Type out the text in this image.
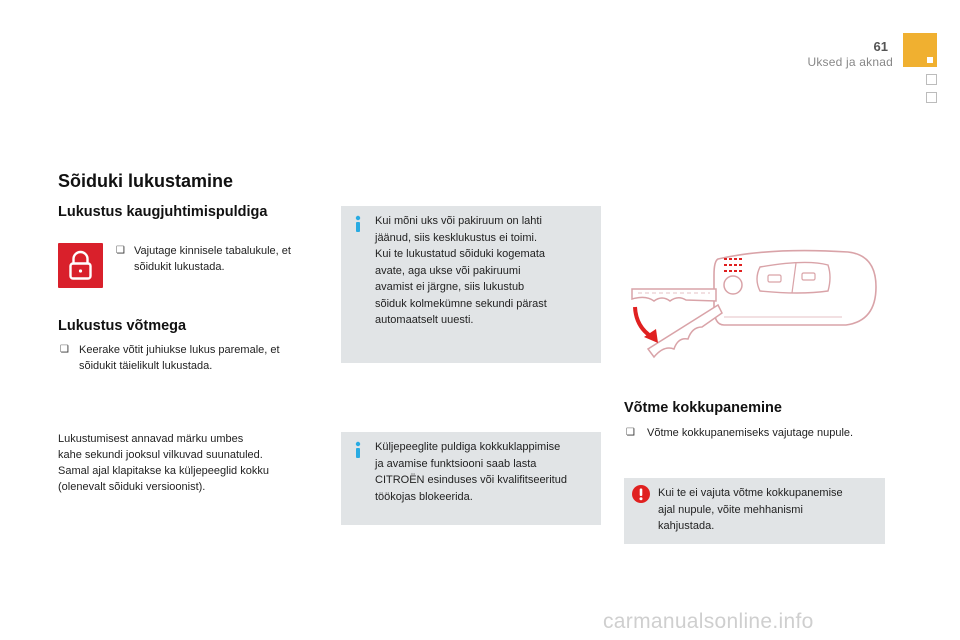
61
Uksed ja aknad
Sõiduki lukustamine
Lukustus kaugjuhtimispuldiga
❏ Vajutage kinnisele tabalukule, et
sõidukit lukustada.
Lukustus võtmega
❏ Keerake võtit juhiukse lukus paremale, et
sõidukit täielikult lukustada.
Lukustumisest annavad märku umbes
kahe sekundi jooksul vilkuvad suunatuled.
Samal ajal klapitakse ka küljepeeglid kokku
(olenevalt sõiduki versioonist).
Kui mõni uks või pakiruum on lahti
jäänud, siis kesklukustus ei toimi.
Kui te lukustatud sõiduki kogemata
avate, aga ukse või pakiruumi
avamist ei järgne, siis lukustub
sõiduk kolmekümne sekundi pärast
automaatselt uuesti.
Küljepeeglite puldiga kokkuklappimise
ja avamise funktsiooni saab lasta
CITROËN esinduses või kvalifitseeritud
töökojas blokeerida.
Võtme kokkupanemine
❏ Võtme kokkupanemiseks vajutage nupule.
Kui te ei vajuta võtme kokkupanemise
ajal nupule, võite mehhanismi
kahjustada.
carmanualsonline.info
